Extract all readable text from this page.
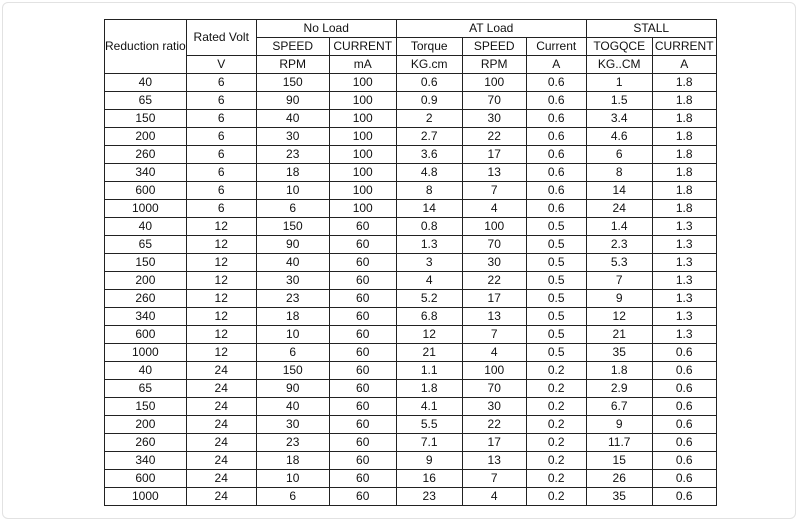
Reduction ratio	Rated Volt	No Load		AT Load			STALL	
		SPEED	CURRENT	Torque	SPEED	Current	TOGQCE	CURRENT
	V	RPM	mA	KG.cm	RPM	A	KG..CM	A
40	6	150	100	0.6	100	0.6	1	1.8
65	6	90	100	0.9	70	0.6	1.5	1.8
150	6	40	100	2	30	0.6	3.4	1.8
200	6	30	100	2.7	22	0.6	4.6	1.8
260	6	23	100	3.6	17	0.6	6	1.8
340	6	18	100	4.8	13	0.6	8	1.8
600	6	10	100	8	7	0.6	14	1.8
1000	6	6	100	14	4	0.6	24	1.8
40	12	150	60	0.8	100	0.5	1.4	1.3
65	12	90	60	1.3	70	0.5	2.3	1.3
150	12	40	60	3	30	0.5	5.3	1.3
200	12	30	60	4	22	0.5	7	1.3
260	12	23	60	5.2	17	0.5	9	1.3
340	12	18	60	6.8	13	0.5	12	1.3
600	12	10	60	12	7	0.5	21	1.3
1000	12	6	60	21	4	0.5	35	0.6
40	24	150	60	1.1	100	0.2	1.8	0.6
65	24	90	60	1.8	70	0.2	2.9	0.6
150	24	40	60	4.1	30	0.2	6.7	0.6
200	24	30	60	5.5	22	0.2	9	0.6
260	24	23	60	7.1	17	0.2	11.7	0.6
340	24	18	60	9	13	0.2	15	0.6
600	24	10	60	16	7	0.2	26	0.6
1000	24	6	60	23	4	0.2	35	0.6
